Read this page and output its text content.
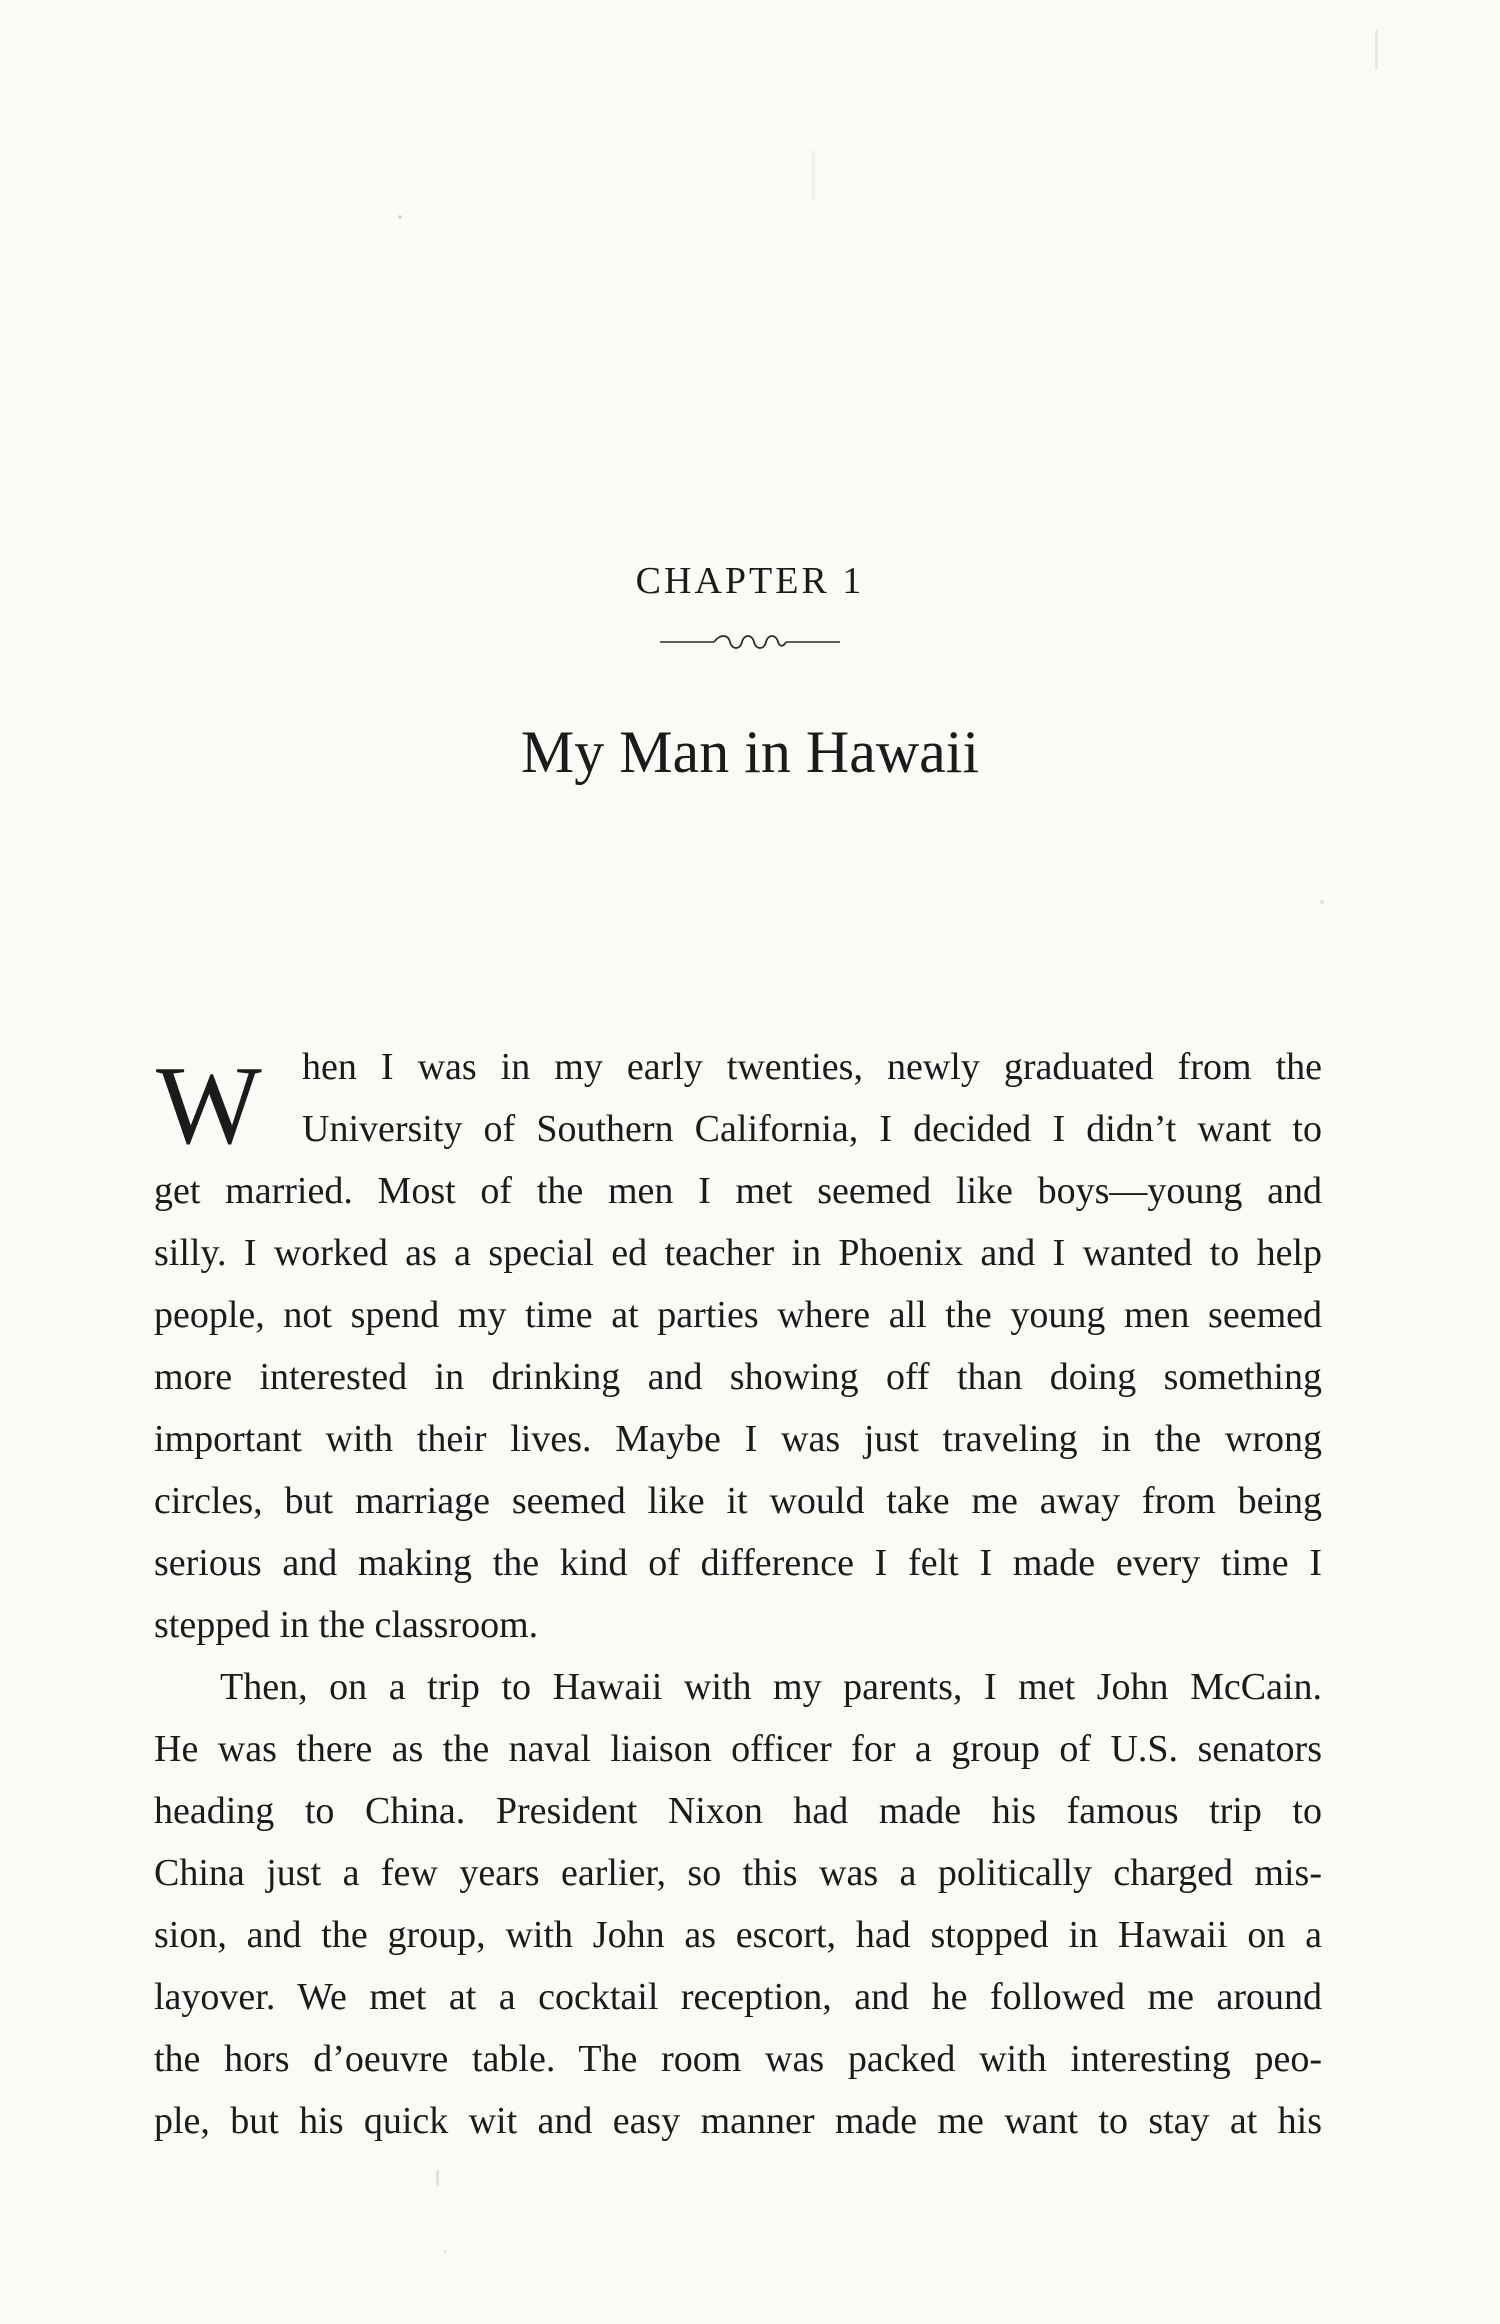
CHAPTER 1
My Man in Hawaii
W hen I was in my early twenties, newly graduated from the
University of Southern California, I decided I didn’t want to
get married. Most of the men I met seemed like boys—young and
silly. I worked as a special ed teacher in Phoenix and I wanted to help
people, not spend my time at parties where all the young men seemed
more interested in drinking and showing off than doing something
important with their lives. Maybe I was just traveling in the wrong
circles, but marriage seemed like it would take me away from being
serious and making the kind of difference I felt I made every time I
stepped in the classroom.
Then, on a trip to Hawaii with my parents, I met John McCain.
He was there as the naval liaison officer for a group of U.S. senators
heading to China. President Nixon had made his famous trip to
China just a few years earlier, so this was a politically charged mis-
sion, and the group, with John as escort, had stopped in Hawaii on a
layover. We met at a cocktail reception, and he followed me around
the hors d’oeuvre table. The room was packed with interesting peo-
ple, but his quick wit and easy manner made me want to stay at his
